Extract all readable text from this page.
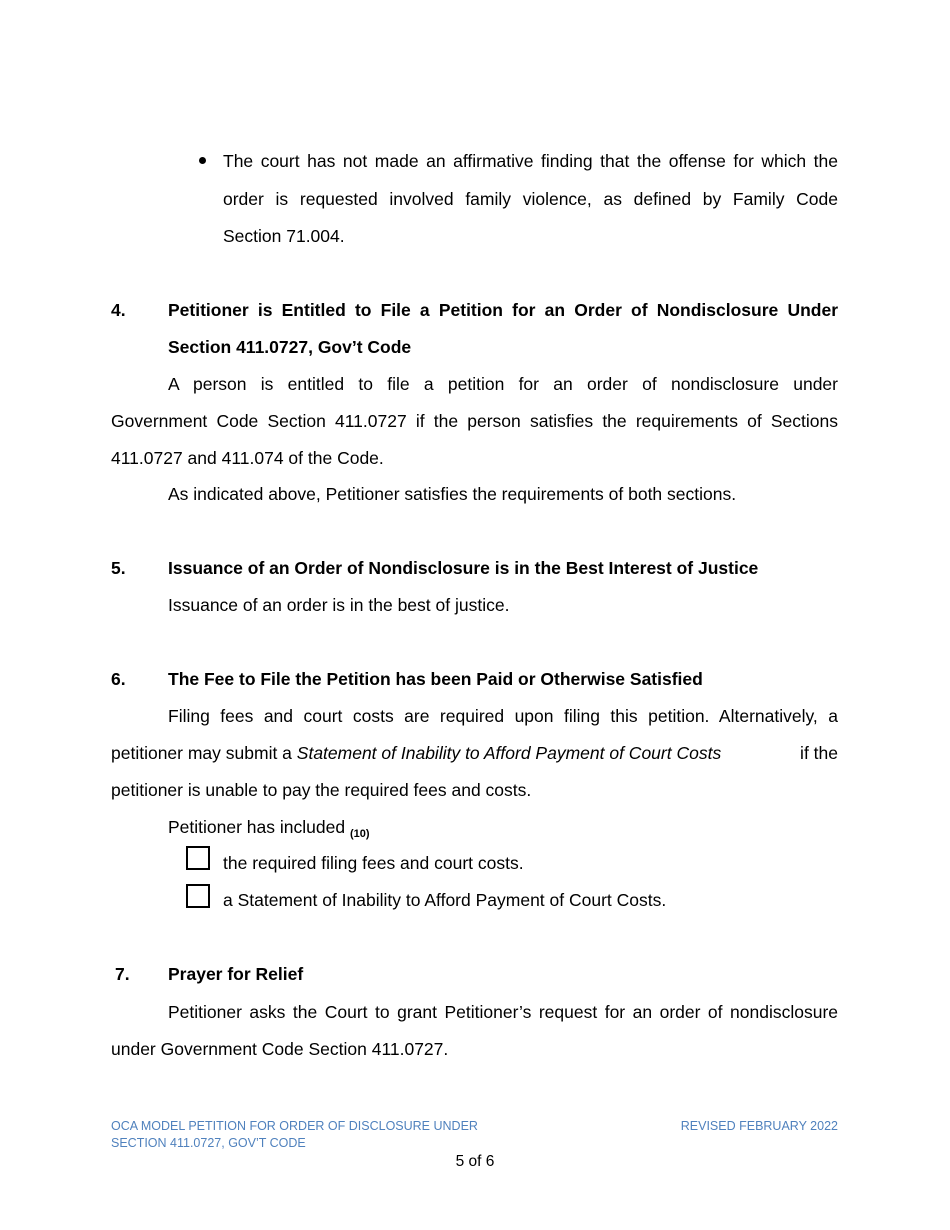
The court has not made an affirmative finding that the offense for which the
order is requested involved family violence, as defined by Family Code
Section 71.004.
4. Petitioner is Entitled to File a Petition for an Order of Nondisclosure Under
Section 411.0727, Gov’t Code
A person is entitled to file a petition for an order of nondisclosure under
Government Code Section 411.0727 if the person satisfies the requirements of Sections
411.0727 and 411.074 of the Code.
As indicated above, Petitioner satisfies the requirements of both sections.
5. Issuance of an Order of Nondisclosure is in the Best Interest of Justice
Issuance of an order is in the best of justice.
6. The Fee to File the Petition has been Paid or Otherwise Satisfied
Filing fees and court costs are required upon filing this petition. Alternatively, a
petitioner may submit a Statement of Inability to Afford Payment of Court Costs	if the
petitioner is unable to pay the required fees and costs.
Petitioner has included $_{(10)}$
the required filing fees and court costs.
a Statement of Inability to Afford Payment of Court Costs.
7. Prayer for Relief
Petitioner asks the Court to grant Petitioner’s request for an order of nondisclosure
under Government Code Section 411.0727.
OCA MODEL PETITION FOR ORDER OF DISCLOSURE UNDER
SECTION 411.0727, GOV’T CODE
REVISED FEBRUARY 2022
5 of 6
